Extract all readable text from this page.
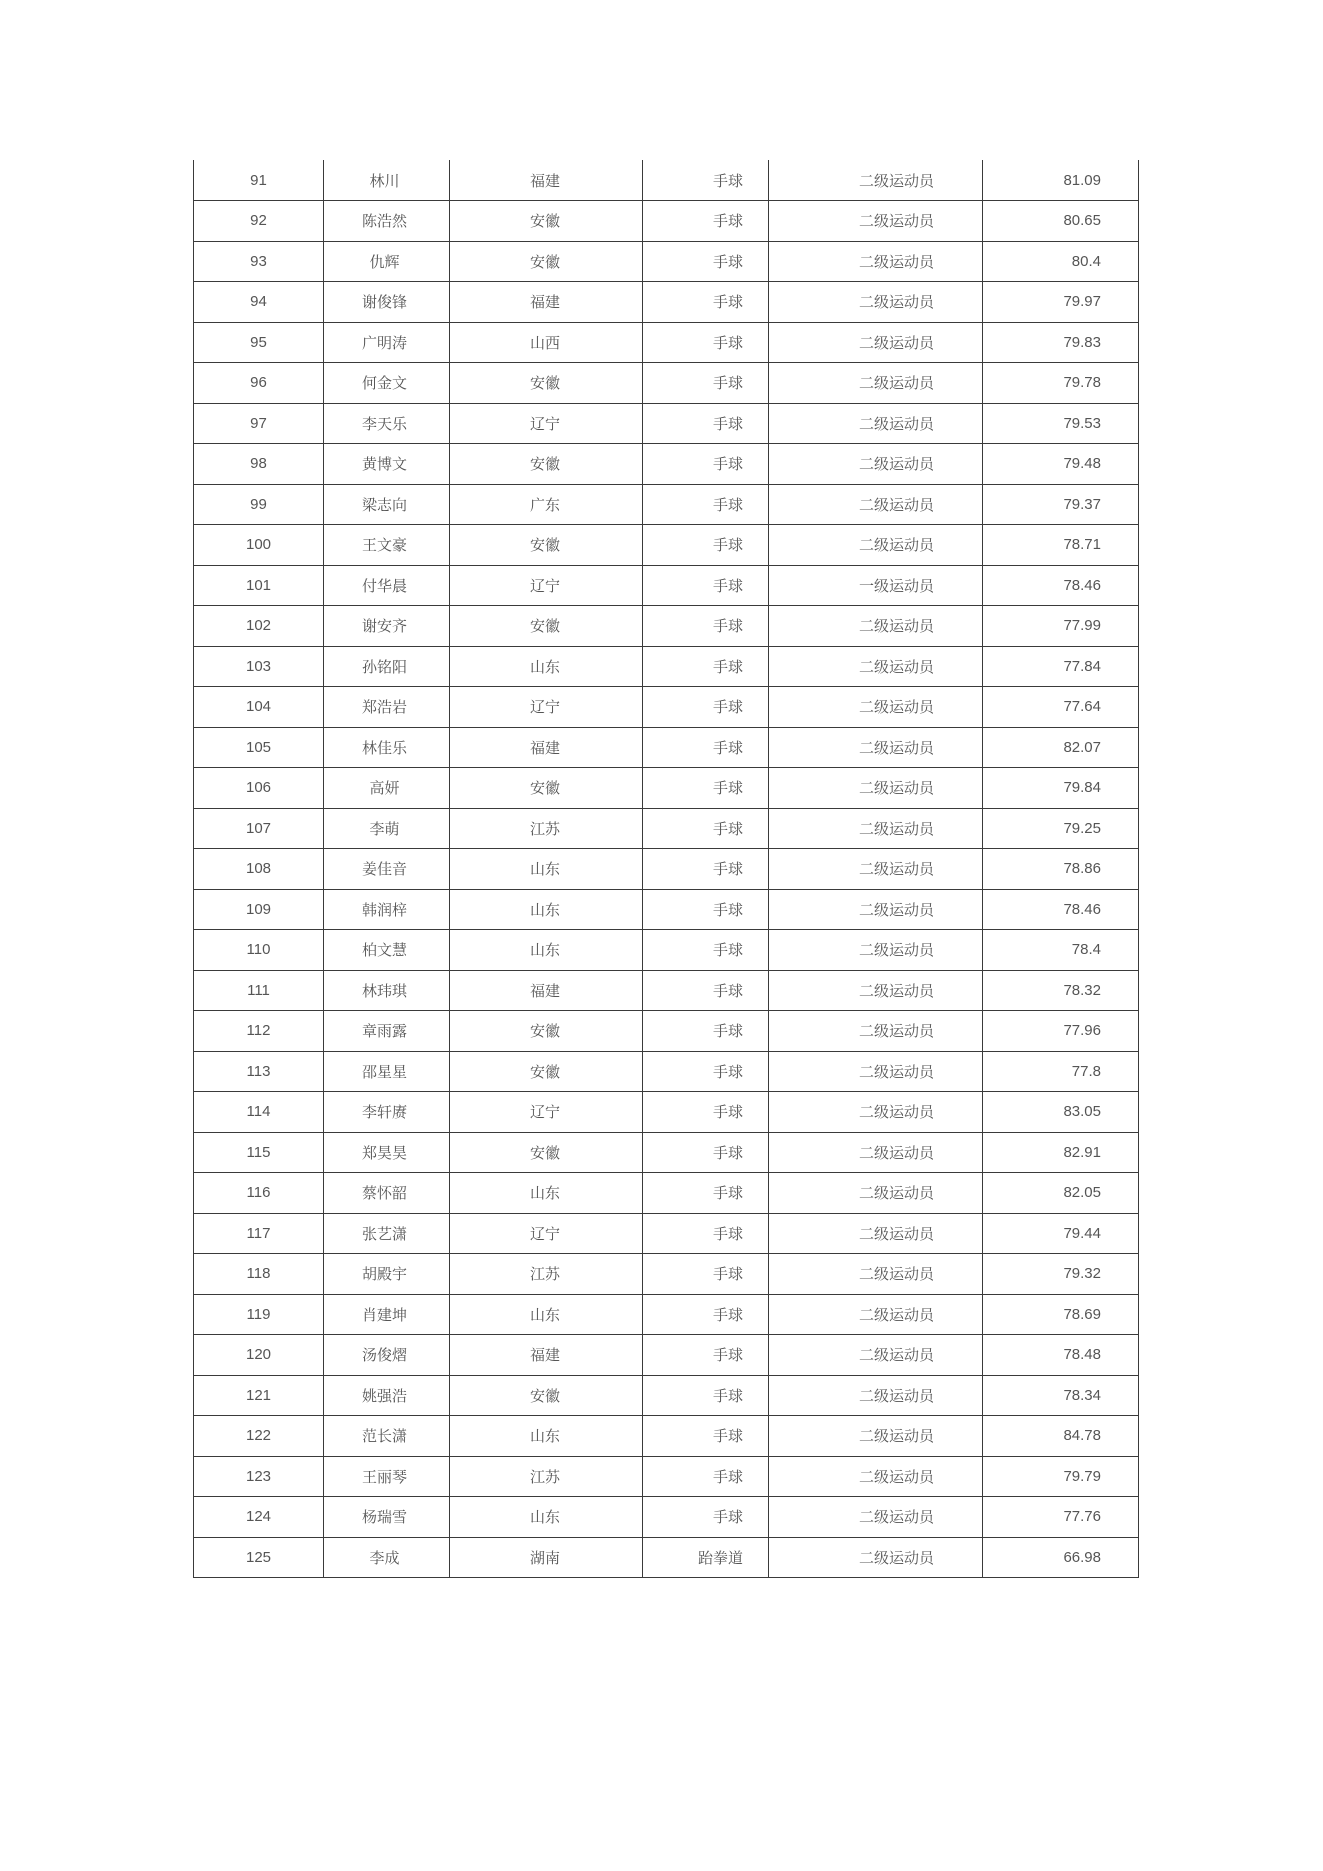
91	林川	福建	手球	二级运动员	81.09
92	陈浩然	安徽	手球	二级运动员	80.65
93	仇辉	安徽	手球	二级运动员	80.4
94	谢俊锋	福建	手球	二级运动员	79.97
95	广明涛	山西	手球	二级运动员	79.83
96	何金文	安徽	手球	二级运动员	79.78
97	李天乐	辽宁	手球	二级运动员	79.53
98	黄博文	安徽	手球	二级运动员	79.48
99	梁志向	广东	手球	二级运动员	79.37
100	王文豪	安徽	手球	二级运动员	78.71
101	付华晨	辽宁	手球	一级运动员	78.46
102	谢安齐	安徽	手球	二级运动员	77.99
103	孙铭阳	山东	手球	二级运动员	77.84
104	郑浩岩	辽宁	手球	二级运动员	77.64
105	林佳乐	福建	手球	二级运动员	82.07
106	高妍	安徽	手球	二级运动员	79.84
107	李萌	江苏	手球	二级运动员	79.25
108	姜佳音	山东	手球	二级运动员	78.86
109	韩润梓	山东	手球	二级运动员	78.46
110	柏文慧	山东	手球	二级运动员	78.4
111	林玮琪	福建	手球	二级运动员	78.32
112	章雨露	安徽	手球	二级运动员	77.96
113	邵星星	安徽	手球	二级运动员	77.8
114	李轩赓	辽宁	手球	二级运动员	83.05
115	郑昊昊	安徽	手球	二级运动员	82.91
116	蔡怀韶	山东	手球	二级运动员	82.05
117	张艺潇	辽宁	手球	二级运动员	79.44
118	胡殿宇	江苏	手球	二级运动员	79.32
119	肖建坤	山东	手球	二级运动员	78.69
120	汤俊熠	福建	手球	二级运动员	78.48
121	姚强浩	安徽	手球	二级运动员	78.34
122	范长潇	山东	手球	二级运动员	84.78
123	王丽琴	江苏	手球	二级运动员	79.79
124	杨瑞雪	山东	手球	二级运动员	77.76
125	李成	湖南	跆拳道	二级运动员	66.98
